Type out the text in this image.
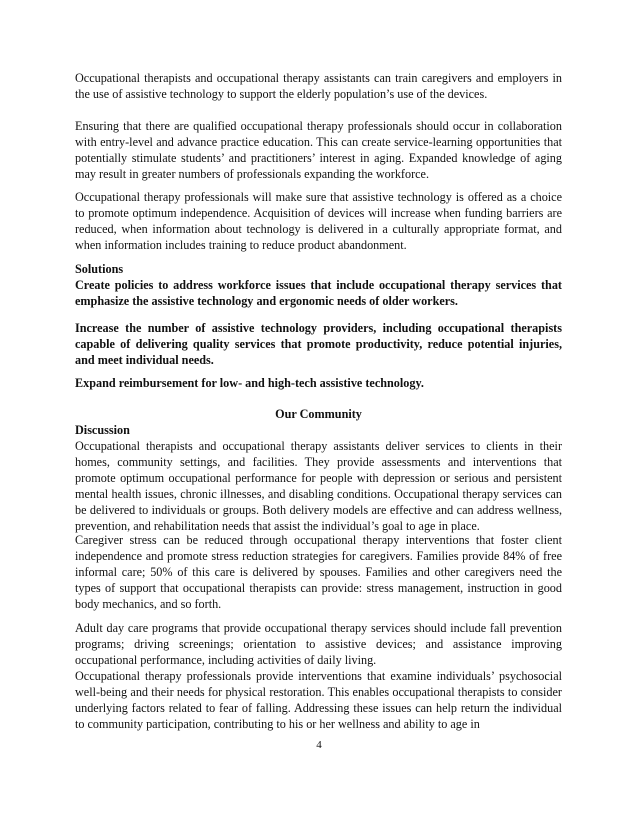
Occupational therapists and occupational therapy assistants can train caregivers and employers in the use of assistive technology to support the elderly population’s use of the devices.

Ensuring that there are qualified occupational therapy professionals should occur in collaboration with entry-level and advance practice education. This can create service-learning opportunities that potentially stimulate students’ and practitioners’ interest in aging. Expanded knowledge of aging may result in greater numbers of professionals expanding the workforce.

Occupational therapy professionals will make sure that assistive technology is offered as a choice to promote optimum independence. Acquisition of devices will increase when funding barriers are reduced, when information about technology is delivered in a culturally appropriate format, and when information includes training to reduce product abandonment.

Solutions

Create policies to address workforce issues that include occupational therapy services that emphasize the assistive technology and ergonomic needs of older workers.

Increase the number of assistive technology providers, including occupational therapists capable of delivering quality services that promote productivity, reduce potential injuries, and meet individual needs.

Expand reimbursement for low- and high-tech assistive technology.

Our Community
Discussion

Occupational therapists and occupational therapy assistants deliver services to clients in their homes, community settings, and facilities. They provide assessments and interventions that promote optimum occupational performance for people with depression or serious and persistent mental health issues, chronic illnesses, and disabling conditions. Occupational therapy services can be delivered to individuals or groups. Both delivery models are effective and can address wellness, prevention, and rehabilitation needs that assist the individual’s goal to age in place.

Caregiver stress can be reduced through occupational therapy interventions that foster client independence and promote stress reduction strategies for caregivers. Families provide 84% of free informal care; 50% of this care is delivered by spouses. Families and other caregivers need the types of support that occupational therapists can provide: stress management, instruction in good body mechanics, and so forth.

Adult day care programs that provide occupational therapy services should include fall prevention programs; driving screenings; orientation to assistive devices; and assistance improving occupational performance, including activities of daily living.

Occupational therapy professionals provide interventions that examine individuals’ psychosocial well-being and their needs for physical restoration. This enables occupational therapists to consider underlying factors related to fear of falling. Addressing these issues can help return the individual to community participation, contributing to his or her wellness and ability to age in

4
